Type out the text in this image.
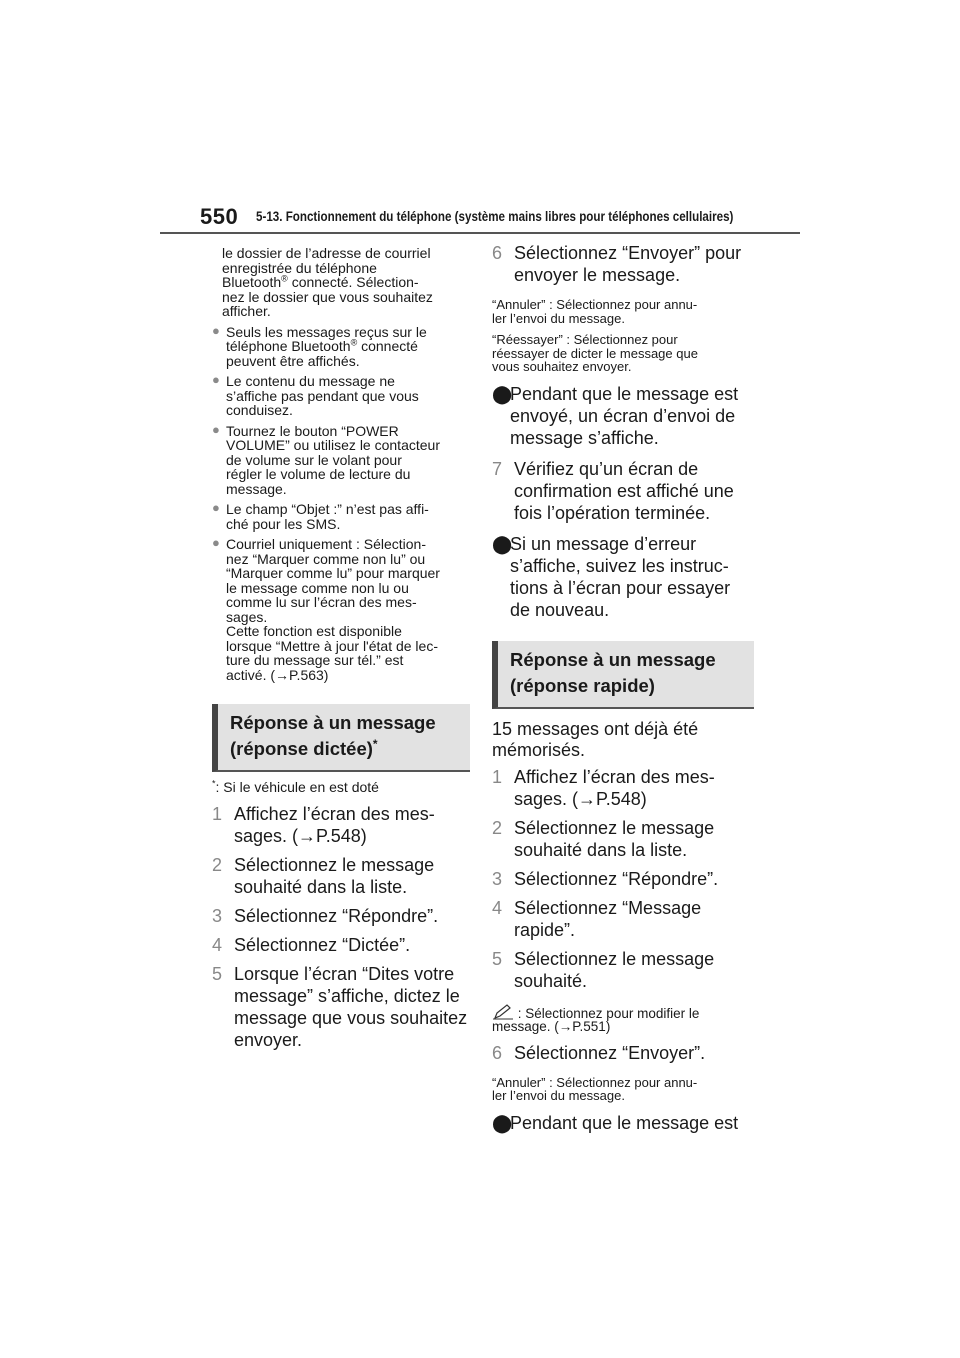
550 5-13. Fonctionnement du téléphone (système mains libres pour téléphones cellulaires)
le dossier de l’adresse de courriel
enregistrée du téléphone
Bluetooth® connecté. Sélection-
nez le dossier que vous souhaitez
afficher.
● Seuls les messages reçus sur le
téléphone Bluetooth® connecté
peuvent être affichés.
● Le contenu du message ne
s’affiche pas pendant que vous
conduisez.
● Tournez le bouton “POWER
VOLUME” ou utilisez le contacteur
de volume sur le volant pour
régler le volume de lecture du
message.
● Le champ “Objet :” n’est pas affi-
ché pour les SMS.
● Courriel uniquement : Sélection-
nez “Marquer comme non lu” ou
“Marquer comme lu” pour marquer
le message comme non lu ou
comme lu sur l’écran des mes-
sages.
Cette fonction est disponible
lorsque “Mettre à jour l'état de lec-
ture du message sur tél.” est
activé. (→P.563)
Réponse à un message
(réponse dictée)*
*: Si le véhicule en est doté
1 Affichez l’écran des mes-
sages. (→P.548)
2 Sélectionnez le message
souhaité dans la liste.
3 Sélectionnez “Répondre”.
4 Sélectionnez “Dictée”.
5 Lorsque l’écran “Dites votre
message” s’affiche, dictez le
message que vous souhaitez
envoyer.
6 Sélectionnez “Envoyer” pour
envoyer le message.
“Annuler” : Sélectionnez pour annu-
ler l’envoi du message.
“Réessayer” : Sélectionnez pour
réessayer de dicter le message que
vous souhaitez envoyer.
⬤
Pendant que le message est
envoyé, un écran d’envoi de
message s’affiche.
7 Vérifiez qu’un écran de
confirmation est affiché une
fois l’opération terminée.
⬤
Si un message d’erreur
s’affiche, suivez les instruc-
tions à l’écran pour essayer
de nouveau.
Réponse à un message
(réponse rapide)
15 messages ont déjà été
mémorisés.
1 Affichez l’écran des mes-
sages. (→P.548)
2 Sélectionnez le message
souhaité dans la liste.
3 Sélectionnez “Répondre”.
4 Sélectionnez “Message
rapide”.
5 Sélectionnez le message
souhaité.
: Sélectionnez pour modifier le
message. (→P.551)
6 Sélectionnez “Envoyer”.
“Annuler” : Sélectionnez pour annu-
ler l’envoi du message.
⬤
Pendant que le message est
